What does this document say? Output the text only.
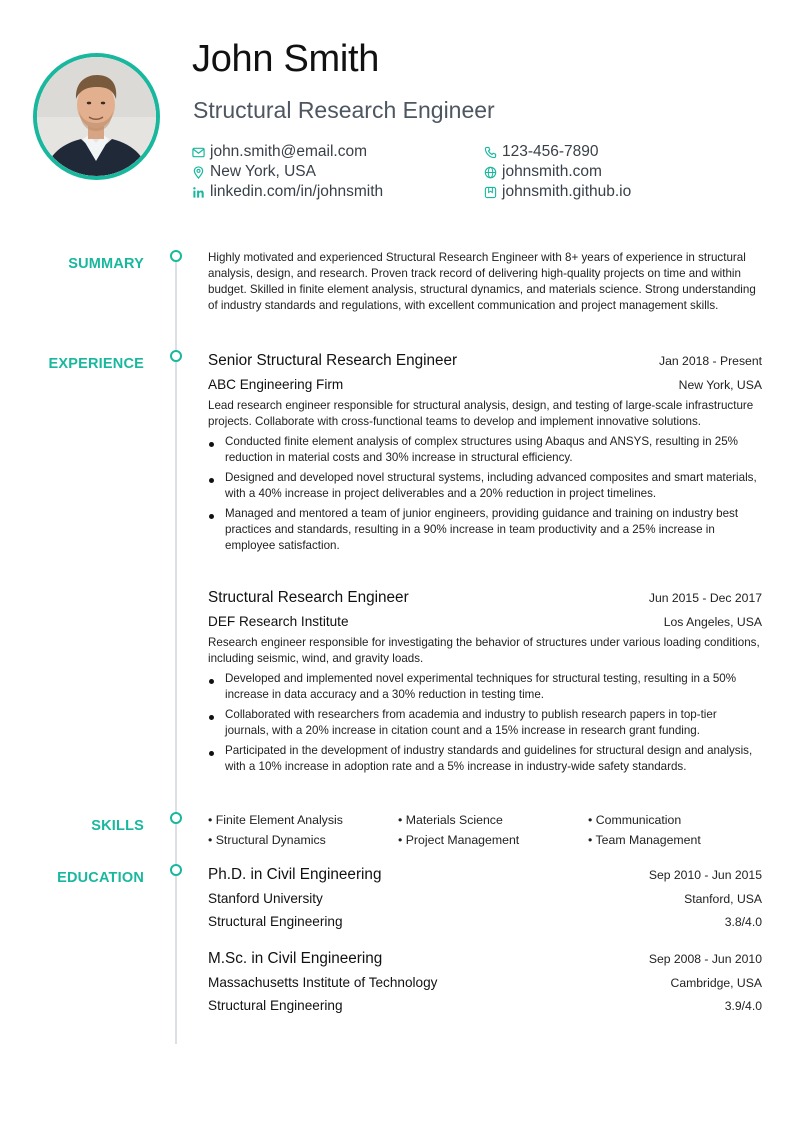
John Smith
Structural Research Engineer
john.smith@email.com	123-456-7890
New York, USA	johnsmith.com
linkedin.com/in/johnsmith	johnsmith.github.io
SUMMARY
EXPERIENCE
SKILLS
EDUCATION

Highly motivated and experienced Structural Research Engineer with 8+ years of experience in structural analysis, design, and research. Proven track record of delivering high-quality projects on time and within budget. Skilled in finite element analysis, structural dynamics, and materials science. Strong understanding of industry standards and regulations, with excellent communication and project management skills.

Senior Structural Research Engineer	Jan 2018 - Present
ABC Engineering Firm	New York, USA

Lead research engineer responsible for structural analysis, design, and testing of large-scale infrastructure projects. Collaborate with cross-functional teams to develop and implement innovative solutions.

Conducted finite element analysis of complex structures using Abaqus and ANSYS, resulting in 25% reduction in material costs and 30% increase in structural efficiency.
Designed and developed novel structural systems, including advanced composites and smart materials, with a 40% increase in project deliverables and a 20% reduction in project timelines.
Managed and mentored a team of junior engineers, providing guidance and training on industry best practices and standards, resulting in a 90% increase in team productivity and a 25% increase in employee satisfaction.
Structural Research Engineer	Jun 2015 - Dec 2017
DEF Research Institute	Los Angeles, USA

Research engineer responsible for investigating the behavior of structures under various loading conditions, including seismic, wind, and gravity loads.

Developed and implemented novel experimental techniques for structural testing, resulting in a 50% increase in data accuracy and a 30% reduction in testing time.
Collaborated with researchers from academia and industry to publish research papers in top-tier journals, with a 20% increase in citation count and a 15% increase in research grant funding.
Participated in the development of industry standards and guidelines for structural design and analysis, with a 10% increase in adoption rate and a 5% increase in industry-wide safety standards.
• Finite Element Analysis	• Materials Science	• Communication
• Structural Dynamics	• Project Management	• Team Management
Ph.D. in Civil Engineering	Sep 2010 - Jun 2015
Stanford University	Stanford, USA
Structural Engineering	3.8/4.0
M.Sc. in Civil Engineering	Sep 2008 - Jun 2010
Massachusetts Institute of Technology	Cambridge, USA
Structural Engineering	3.9/4.0
